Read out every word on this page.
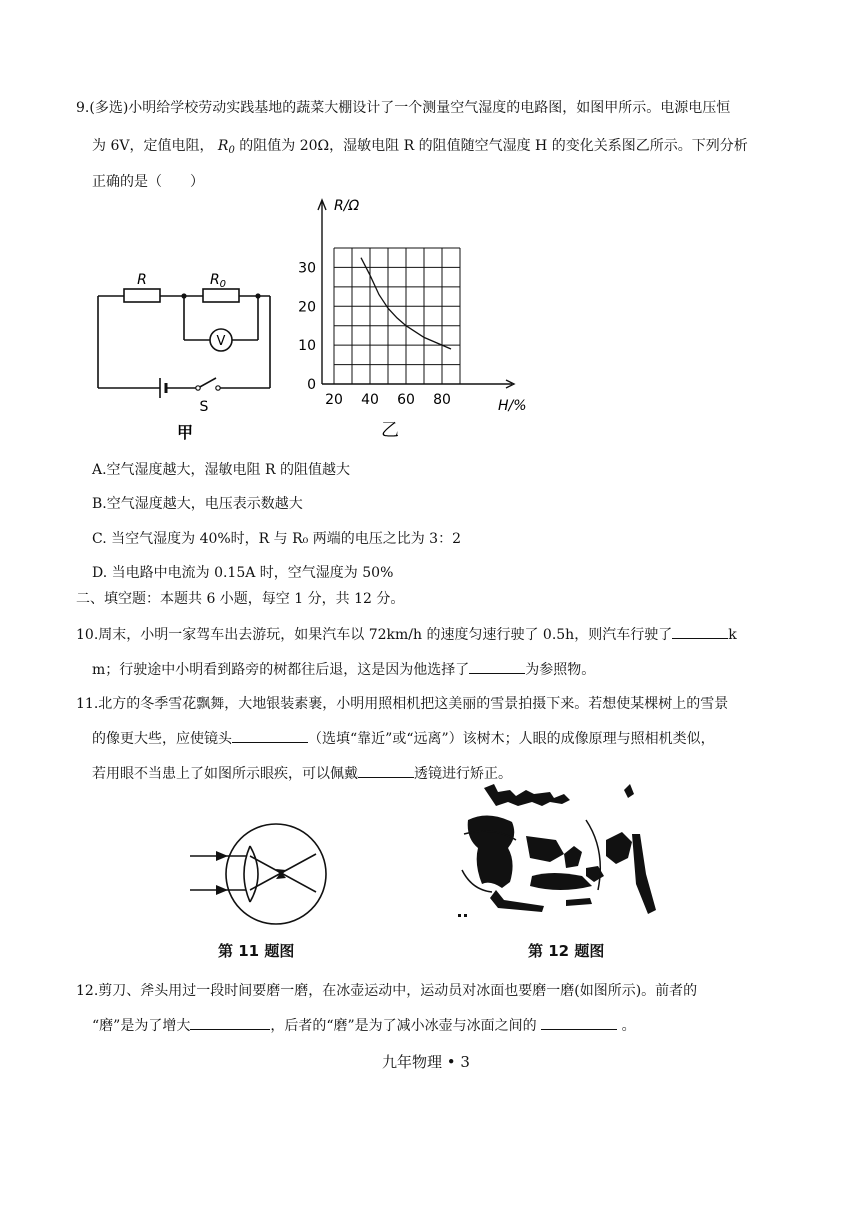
9.(多选)小明给学校劳动实践基地的蔬菜大棚设计了一个测量空气湿度的电路图，如图甲所示。电源电压恒
为 6V，定值电阻， $R_0$ 的阻值为 20Ω，湿敏电阻 R 的阻值随空气湿度 H 的变化关系图乙所示。下列分析
正确的是（　　）
R	$R_0$
V
S
甲
R/Ω
H/%
0
10
20
30
20 40 60 80
乙
A.空气湿度越大，湿敏电阻 R 的阻值越大
B.空气湿度越大，电压表示数越大
C. 当空气湿度为 40%时，R 与 R₀ 两端的电压之比为 3：2
D. 当电路中电流为 0.15A 时，空气湿度为 50%
二、填空题：本题共 6 小题，每空 1 分，共 12 分。
10.周末，小明一家驾车出去游玩，如果汽车以 72km/h 的速度匀速行驶了 0.5h，则汽车行驶了	k
m；行驶途中小明看到路旁的树都往后退，这是因为他选择了	为参照物。
11.北方的冬季雪花飘舞，大地银装素裹，小明用照相机把这美丽的雪景拍摄下来。若想使某棵树上的雪景
的像更大些，应使镜头	（选填“靠近”或“远离”）该树木；人眼的成像原理与照相机类似，
若用眼不当患上了如图所示眼疾，可以佩戴	透镜进行矫正。
第 11 题图	第 12 题图
12.剪刀、斧头用过一段时间要磨一磨，在冰壶运动中，运动员对冰面也要磨一磨(如图所示)。前者的
“磨”是为了增大	，后者的“磨”是为了减小冰壶与冰面之间的	。
九年物理 • 3
